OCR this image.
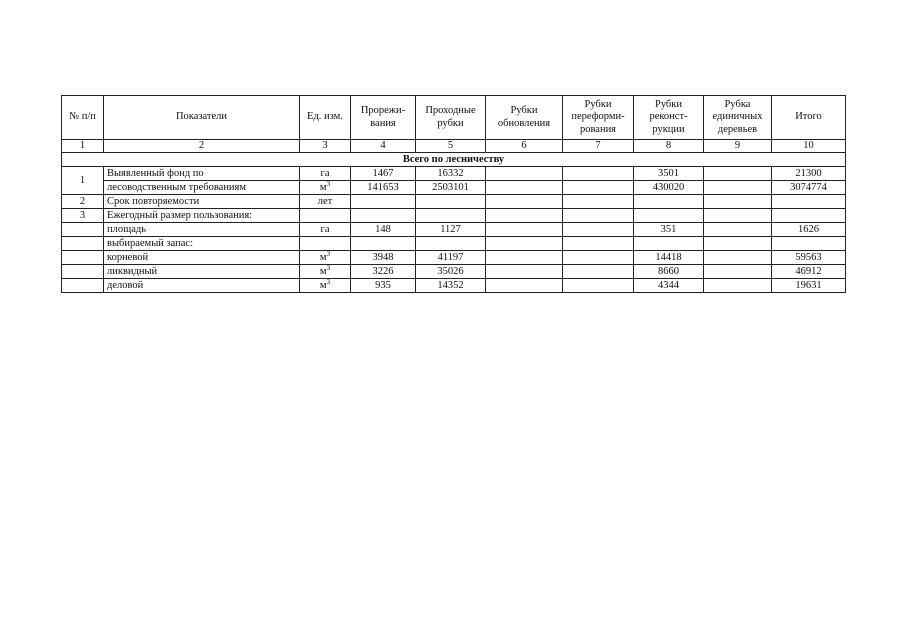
№ п/п	Показатели	Ед. изм.	Прорежи-вания	Проходные рубки	Рубки обновления	Рубки переформи-рования	Рубки реконст-рукции	Рубка единичных деревьев	Итого
1	2	3	4	5	6	7	8	9	10
Всего по лесничеству									
1	Выявленный фонд по	га	1467	16332			3501		21300
	лесоводственным требованиям	$м^3$	141653	2503101			430020		3074774
2	Срок повторяемости	лет							
3	Ежегодный размер пользования:								
	площадь	га	148	1127			351		1626
	выбираемый запас:								
	корневой	$м^3$	3948	41197			14418		59563
	ликвидный	$м^3$	3226	35026			8660		46912
	деловой	$м^3$	935	14352			4344		19631
